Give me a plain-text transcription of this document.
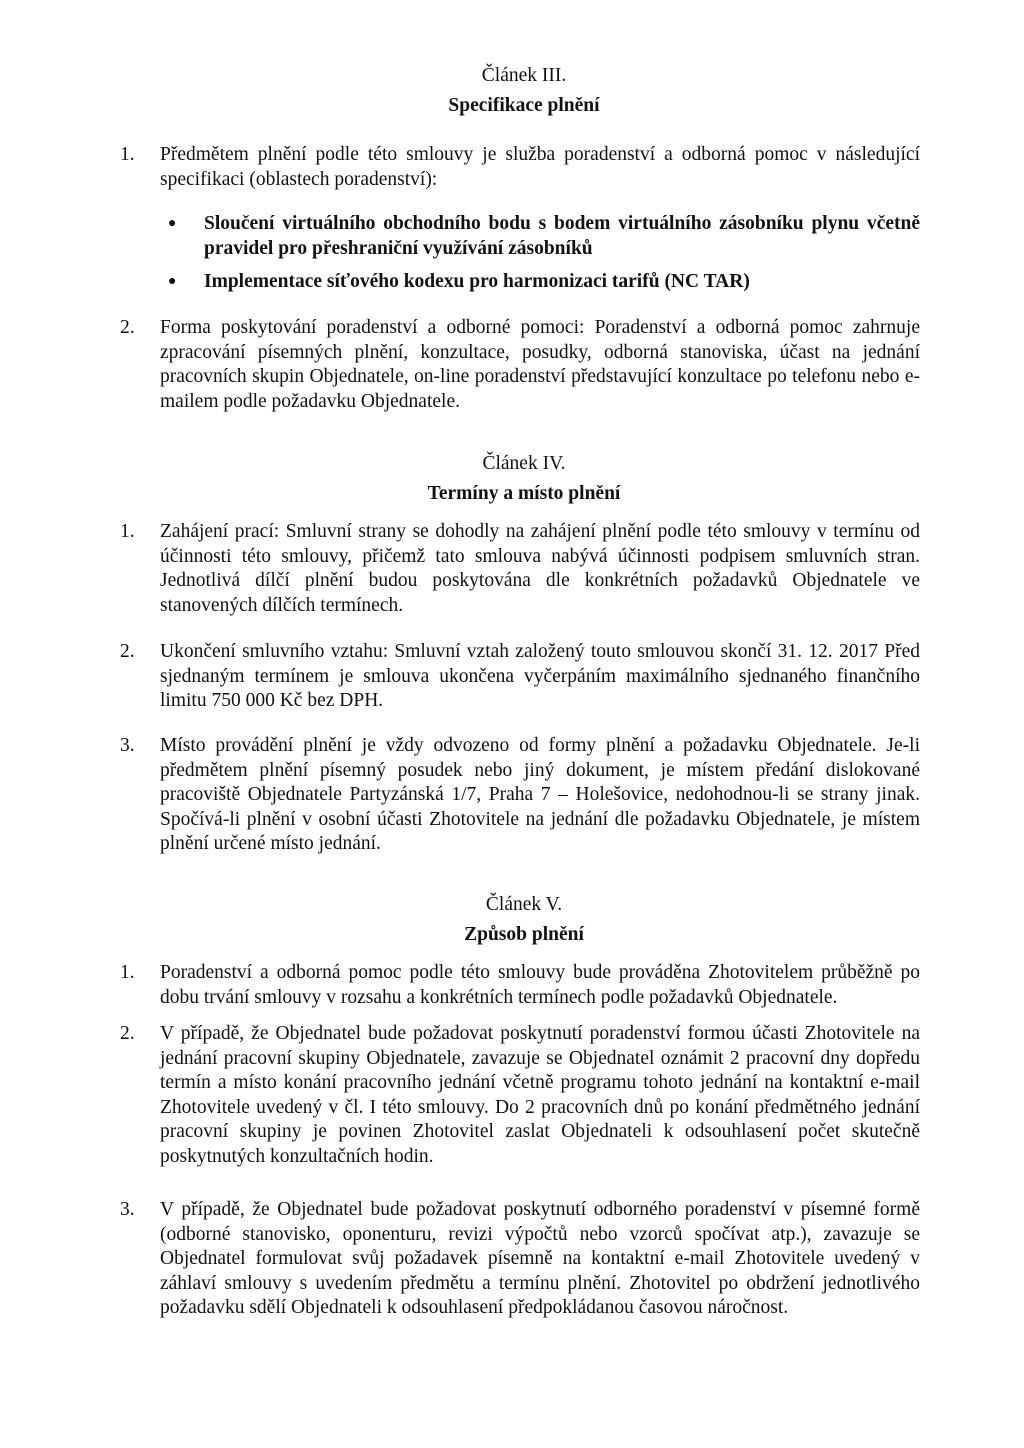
Článek III.
Specifikace plnění
1. Předmětem plnění podle této smlouvy je služba poradenství a odborná pomoc v následující specifikaci (oblastech poradenství):
● Sloučení virtuálního obchodního bodu s bodem virtuálního zásobníku plynu včetně pravidel pro přeshraniční využívání zásobníků
● Implementace síťového kodexu pro harmonizaci tarifů (NC TAR)
2. Forma poskytování poradenství a odborné pomoci: Poradenství a odborná pomoc zahrnuje zpracování písemných plnění, konzultace, posudky, odborná stanoviska, účast na jednání pracovních skupin Objednatele, on-line poradenství představující konzultace po telefonu nebo e-mailem podle požadavku Objednatele.
Článek IV.
Termíny a místo plnění
1. Zahájení prací: Smluvní strany se dohodly na zahájení plnění podle této smlouvy v termínu od účinnosti této smlouvy, přičemž tato smlouva nabývá účinnosti podpisem smluvních stran. Jednotlivá dílčí plnění budou poskytována dle konkrétních požadavků Objednatele ve stanovených dílčích termínech.
2. Ukončení smluvního vztahu: Smluvní vztah založený touto smlouvou skončí 31. 12. 2017 Před sjednaným termínem je smlouva ukončena vyčerpáním maximálního sjednaného finančního limitu 750 000 Kč bez DPH.
3. Místo provádění plnění je vždy odvozeno od formy plnění a požadavku Objednatele. Je-li předmětem plnění písemný posudek nebo jiný dokument, je místem předání dislokované pracoviště Objednatele Partyzánská 1/7, Praha 7 – Holešovice, nedohodnou-li se strany jinak. Spočívá-li plnění v osobní účasti Zhotovitele na jednání dle požadavku Objednatele, je místem plnění určené místo jednání.
Článek V.
Způsob plnění
1. Poradenství a odborná pomoc podle této smlouvy bude prováděna Zhotovitelem průběžně po dobu trvání smlouvy v rozsahu a konkrétních termínech podle požadavků Objednatele.
2. V případě, že Objednatel bude požadovat poskytnutí poradenství formou účasti Zhotovitele na jednání pracovní skupiny Objednatele, zavazuje se Objednatel oznámit 2 pracovní dny dopředu termín a místo konání pracovního jednání včetně programu tohoto jednání na kontaktní e-mail Zhotovitele uvedený v čl. I této smlouvy. Do 2 pracovních dnů po konání předmětného jednání pracovní skupiny je povinen Zhotovitel zaslat Objednateli k odsouhlasení počet skutečně poskytnutých konzultačních hodin.
3. V případě, že Objednatel bude požadovat poskytnutí odborného poradenství v písemné formě (odborné stanovisko, oponenturu, revizi výpočtů nebo vzorců spočívat atp.), zavazuje se Objednatel formulovat svůj požadavek písemně na kontaktní e-mail Zhotovitele uvedený v záhlaví smlouvy s uvedením předmětu a termínu plnění. Zhotovitel po obdržení jednotlivého požadavku sdělí Objednateli k odsouhlasení předpokládanou časovou náročnost.
